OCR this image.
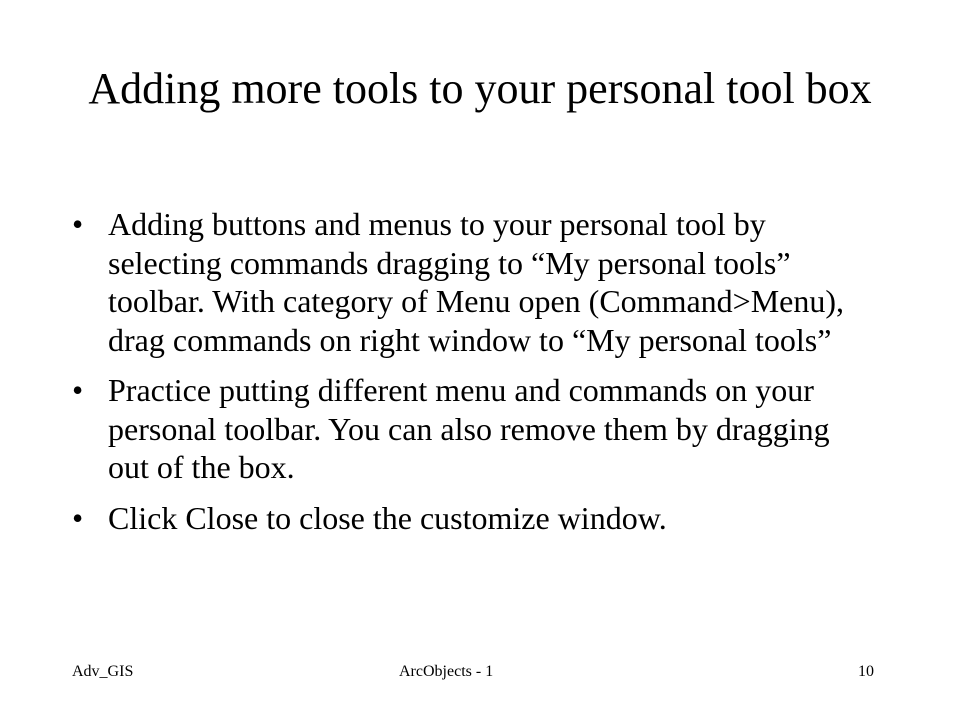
Adding more tools to your personal tool box
• Adding buttons and menus to your personal tool by selecting commands dragging to “My personal tools” toolbar. With category of Menu open (Command>Menu), drag commands on right window to “My personal tools”
• Practice putting different menu and commands on your personal toolbar. You can also remove them by dragging out of the box.
• Click Close to close the customize window.
Adv_GIS	ArcObjects - 1	10
